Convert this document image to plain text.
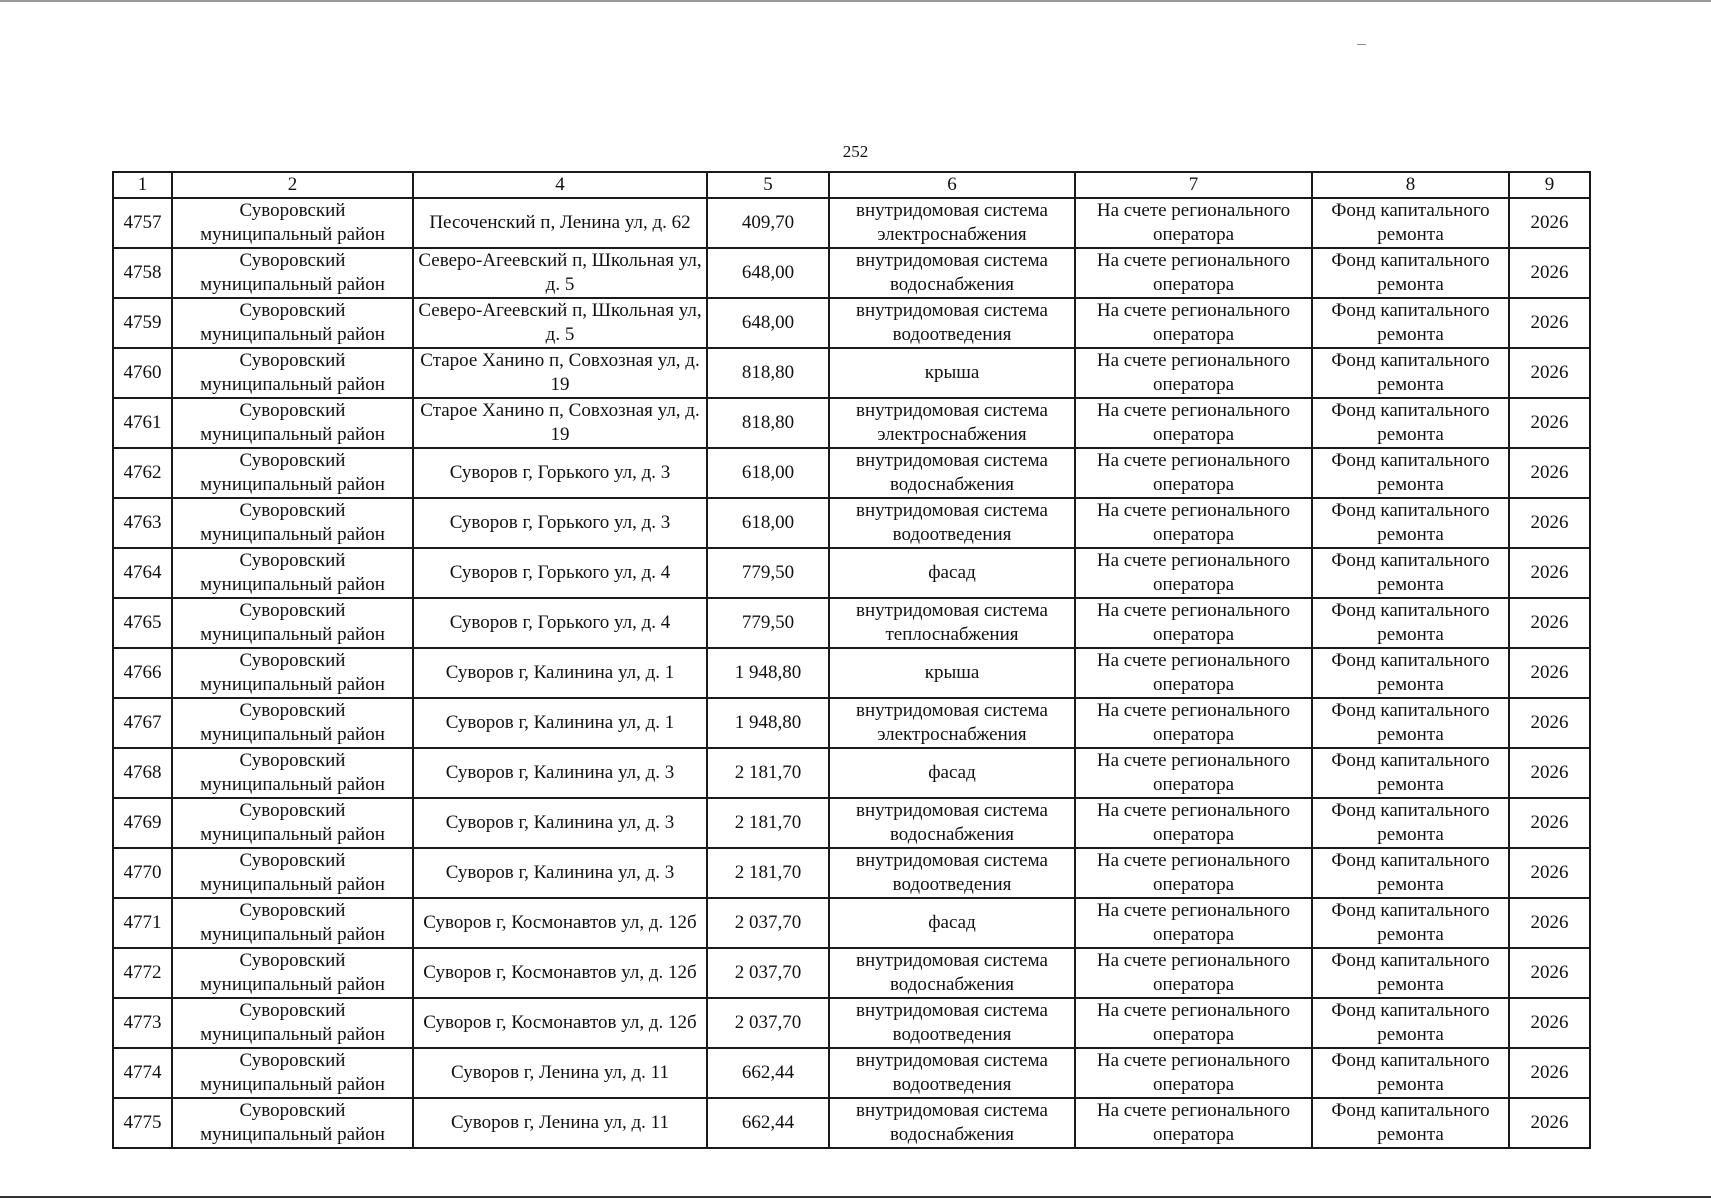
252
1	2	4	5	6	7	8	9
4757	Суворовский муниципальный район	Песоченский п, Ленина ул, д. 62	409,70	внутридомовая система электроснабжения	На счете регионального оператора	Фонд капитального ремонта	2026
4758	Суворовский муниципальный район	Северо-Агеевский п, Школьная ул, д. 5	648,00	внутридомовая система водоснабжения	На счете регионального оператора	Фонд капитального ремонта	2026
4759	Суворовский муниципальный район	Северо-Агеевский п, Школьная ул, д. 5	648,00	внутридомовая система водоотведения	На счете регионального оператора	Фонд капитального ремонта	2026
4760	Суворовский муниципальный район	Старое Ханино п, Совхозная ул, д. 19	818,80	крыша	На счете регионального оператора	Фонд капитального ремонта	2026
4761	Суворовский муниципальный район	Старое Ханино п, Совхозная ул, д. 19	818,80	внутридомовая система электроснабжения	На счете регионального оператора	Фонд капитального ремонта	2026
4762	Суворовский муниципальный район	Суворов г, Горького ул, д. 3	618,00	внутридомовая система водоснабжения	На счете регионального оператора	Фонд капитального ремонта	2026
4763	Суворовский муниципальный район	Суворов г, Горького ул, д. 3	618,00	внутридомовая система водоотведения	На счете регионального оператора	Фонд капитального ремонта	2026
4764	Суворовский муниципальный район	Суворов г, Горького ул, д. 4	779,50	фасад	На счете регионального оператора	Фонд капитального ремонта	2026
4765	Суворовский муниципальный район	Суворов г, Горького ул, д. 4	779,50	внутридомовая система теплоснабжения	На счете регионального оператора	Фонд капитального ремонта	2026
4766	Суворовский муниципальный район	Суворов г, Калинина ул, д. 1	1 948,80	крыша	На счете регионального оператора	Фонд капитального ремонта	2026
4767	Суворовский муниципальный район	Суворов г, Калинина ул, д. 1	1 948,80	внутридомовая система электроснабжения	На счете регионального оператора	Фонд капитального ремонта	2026
4768	Суворовский муниципальный район	Суворов г, Калинина ул, д. 3	2 181,70	фасад	На счете регионального оператора	Фонд капитального ремонта	2026
4769	Суворовский муниципальный район	Суворов г, Калинина ул, д. 3	2 181,70	внутридомовая система водоснабжения	На счете регионального оператора	Фонд капитального ремонта	2026
4770	Суворовский муниципальный район	Суворов г, Калинина ул, д. 3	2 181,70	внутридомовая система водоотведения	На счете регионального оператора	Фонд капитального ремонта	2026
4771	Суворовский муниципальный район	Суворов г, Космонавтов ул, д. 12б	2 037,70	фасад	На счете регионального оператора	Фонд капитального ремонта	2026
4772	Суворовский муниципальный район	Суворов г, Космонавтов ул, д. 12б	2 037,70	внутридомовая система водоснабжения	На счете регионального оператора	Фонд капитального ремонта	2026
4773	Суворовский муниципальный район	Суворов г, Космонавтов ул, д. 12б	2 037,70	внутридомовая система водоотведения	На счете регионального оператора	Фонд капитального ремонта	2026
4774	Суворовский муниципальный район	Суворов г, Ленина ул, д. 11	662,44	внутридомовая система водоотведения	На счете регионального оператора	Фонд капитального ремонта	2026
4775	Суворовский муниципальный район	Суворов г, Ленина ул, д. 11	662,44	внутридомовая система водоснабжения	На счете регионального оператора	Фонд капитального ремонта	2026
